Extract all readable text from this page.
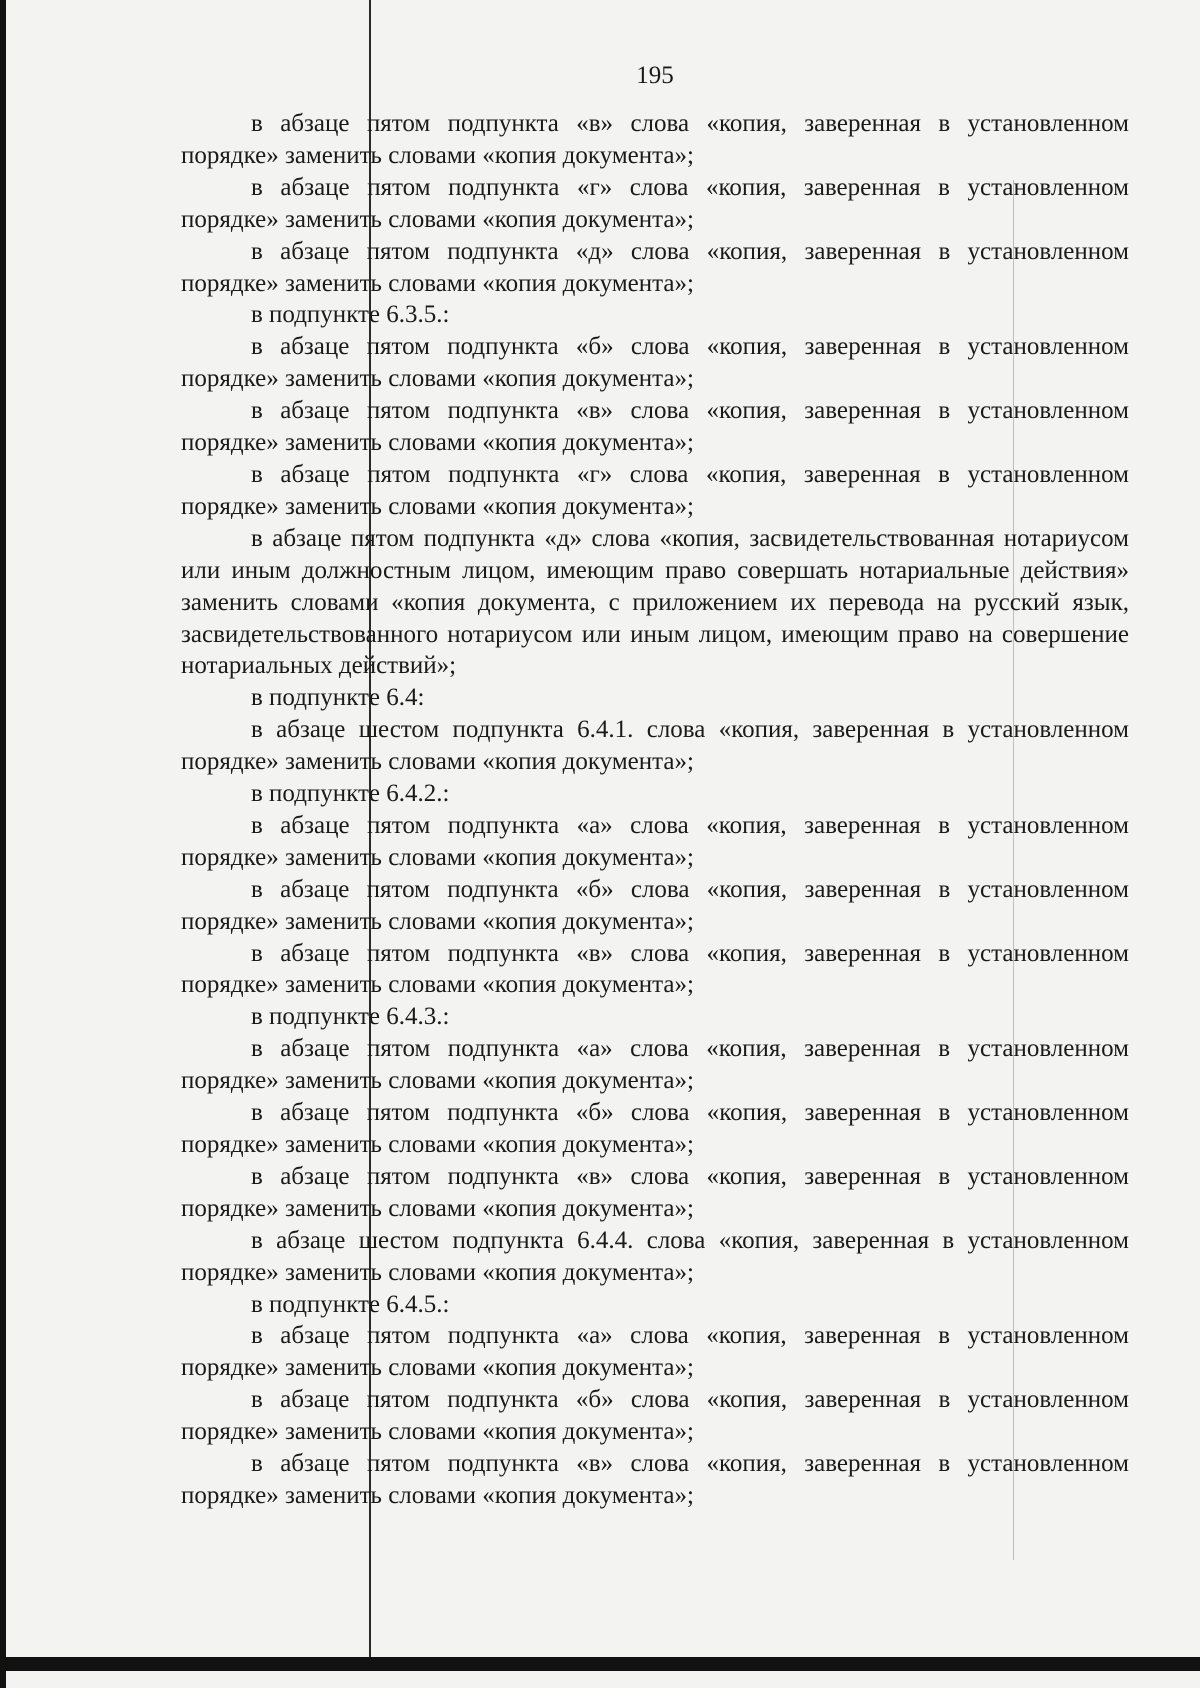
195

в абзаце пятом подпункта «в» слова «копия, заверенная в установленном порядке» заменить словами «копия документа»;

в абзаце пятом подпункта «г» слова «копия, заверенная в установленном порядке» заменить словами «копия документа»;

в абзаце пятом подпункта «д» слова «копия, заверенная в установленном порядке» заменить словами «копия документа»;

в подпункте 6.3.5.:

в абзаце пятом подпункта «б» слова «копия, заверенная в установленном порядке» заменить словами «копия документа»;

в абзаце пятом подпункта «в» слова «копия, заверенная в установленном порядке» заменить словами «копия документа»;

в абзаце пятом подпункта «г» слова «копия, заверенная в установленном порядке» заменить словами «копия документа»;

в абзаце пятом подпункта «д» слова «копия, засвидетельствованная нотариусом или иным должностным лицом, имеющим право совершать нотариальные действия» заменить словами «копия документа, с приложением их перевода на русский язык, засвидетельствованного нотариусом или иным лицом, имеющим право на совершение нотариальных действий»;

в подпункте 6.4:

в абзаце шестом подпункта 6.4.1. слова «копия, заверенная в установленном порядке» заменить словами «копия документа»;

в подпункте 6.4.2.:

в абзаце пятом подпункта «а» слова «копия, заверенная в установленном порядке» заменить словами «копия документа»;

в абзаце пятом подпункта «б» слова «копия, заверенная в установленном порядке» заменить словами «копия документа»;

в абзаце пятом подпункта «в» слова «копия, заверенная в установленном порядке» заменить словами «копия документа»;

в подпункте 6.4.3.:

в абзаце пятом подпункта «а» слова «копия, заверенная в установленном порядке» заменить словами «копия документа»;

в абзаце пятом подпункта «б» слова «копия, заверенная в установленном порядке» заменить словами «копия документа»;

в абзаце пятом подпункта «в» слова «копия, заверенная в установленном порядке» заменить словами «копия документа»;

в абзаце шестом подпункта 6.4.4. слова «копия, заверенная в установленном порядке» заменить словами «копия документа»;

в подпункте 6.4.5.:

в абзаце пятом подпункта «а» слова «копия, заверенная в установленном порядке» заменить словами «копия документа»;

в абзаце пятом подпункта «б» слова «копия, заверенная в установленном порядке» заменить словами «копия документа»;

в абзаце пятом подпункта «в» слова «копия, заверенная в установленном порядке» заменить словами «копия документа»;
